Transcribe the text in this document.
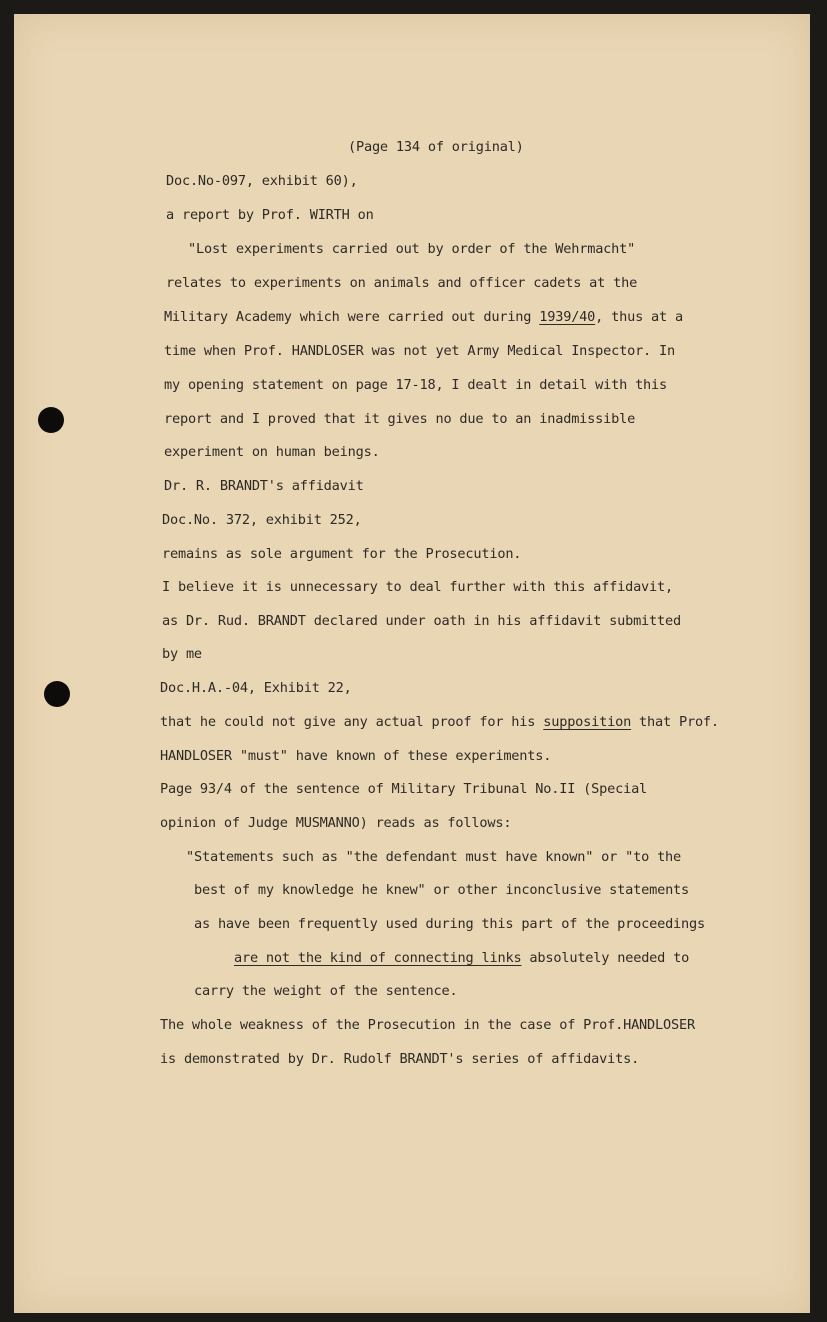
(Page 134 of original)
Doc.No-097, exhibit 60),
a report by Prof. WIRTH on
"Lost experiments carried out by order of the Wehrmacht"
relates to experiments on animals and officer cadets at the
Military Academy which were carried out during 1939/40, thus at a
time when Prof. HANDLOSER was not yet Army Medical Inspector. In
my opening statement on page 17-18, I dealt in detail with this
report and I proved that it gives no due to an inadmissible
experiment on human beings.
Dr. R. BRANDT's affidavit
Doc.No. 372, exhibit 252,
remains as sole argument for the Prosecution.
I believe it is unnecessary to deal further with this affidavit,
as Dr. Rud. BRANDT declared under oath in his affidavit submitted
by me
Doc.H.A.-04, Exhibit 22,
that he could not give any actual proof for his supposition that Prof.
HANDLOSER "must" have known of these experiments.
Page 93/4 of the sentence of Military Tribunal No.II (Special
opinion of Judge MUSMANNO) reads as follows:
"Statements such as "the defendant must have known" or "to the
best of my knowledge he knew" or other inconclusive statements
as have been frequently used during this part of the proceedings
are not the kind of connecting links absolutely needed to
carry the weight of the sentence.
The whole weakness of the Prosecution in the case of Prof.HANDLOSER
is demonstrated by Dr. Rudolf BRANDT's series of affidavits.
